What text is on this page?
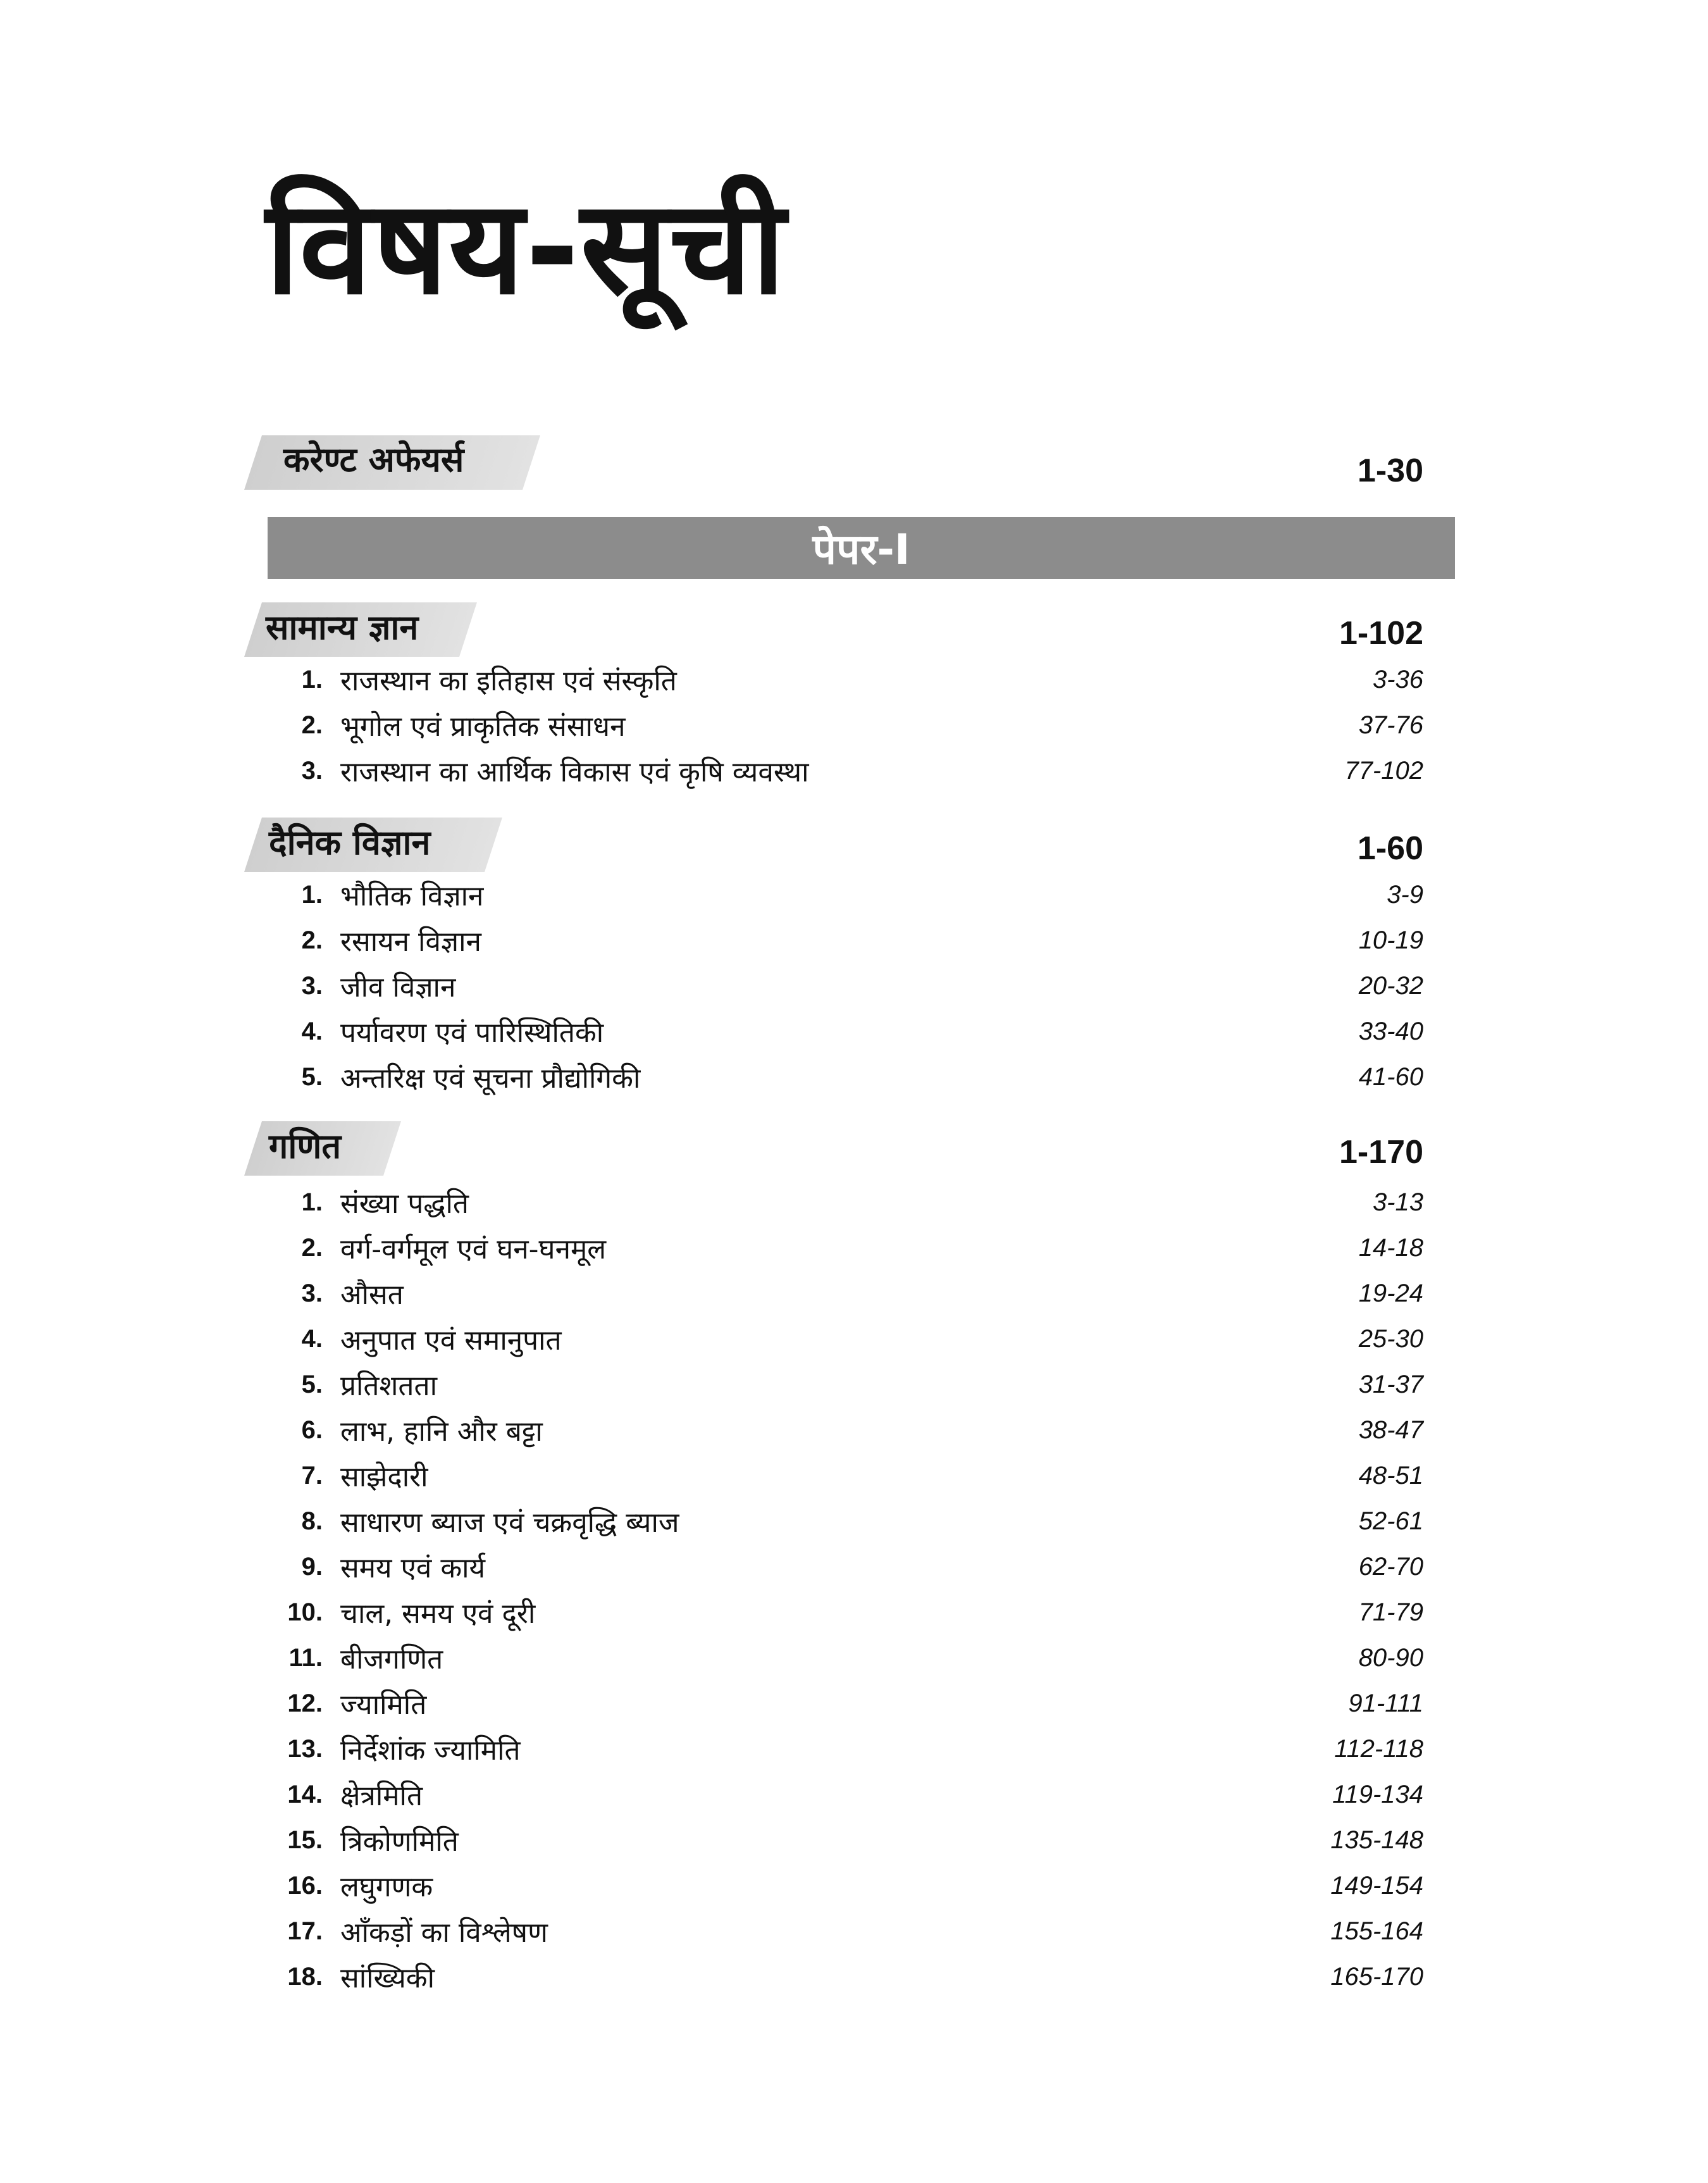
विषय-सूची
करेण्ट अफेयर्स	1-30
पेपर-I
सामान्य ज्ञान	1-102
1. राजस्थान का इतिहास एवं संस्कृति	3-36
2. भूगोल एवं प्राकृतिक संसाधन	37-76
3. राजस्थान का आर्थिक विकास एवं कृषि व्यवस्था	77-102
दैनिक विज्ञान	1-60
1. भौतिक विज्ञान	3-9
2. रसायन विज्ञान	10-19
3. जीव विज्ञान	20-32
4. पर्यावरण एवं पारिस्थितिकी	33-40
5. अन्तरिक्ष एवं सूचना प्रौद्योगिकी	41-60
गणित	1-170
1. संख्या पद्धति	3-13
2. वर्ग-वर्गमूल एवं घन-घनमूल	14-18
3. औसत	19-24
4. अनुपात एवं समानुपात	25-30
5. प्रतिशतता	31-37
6. लाभ, हानि और बट्टा	38-47
7. साझेदारी	48-51
8. साधारण ब्याज एवं चक्रवृद्धि ब्याज	52-61
9. समय एवं कार्य	62-70
10. चाल, समय एवं दूरी	71-79
11. बीजगणित	80-90
12. ज्यामिति	91-111
13. निर्देशांक ज्यामिति	112-118
14. क्षेत्रमिति	119-134
15. त्रिकोणमिति	135-148
16. लघुगणक	149-154
17. आँकड़ों का विश्लेषण	155-164
18. सांख्यिकी	165-170
